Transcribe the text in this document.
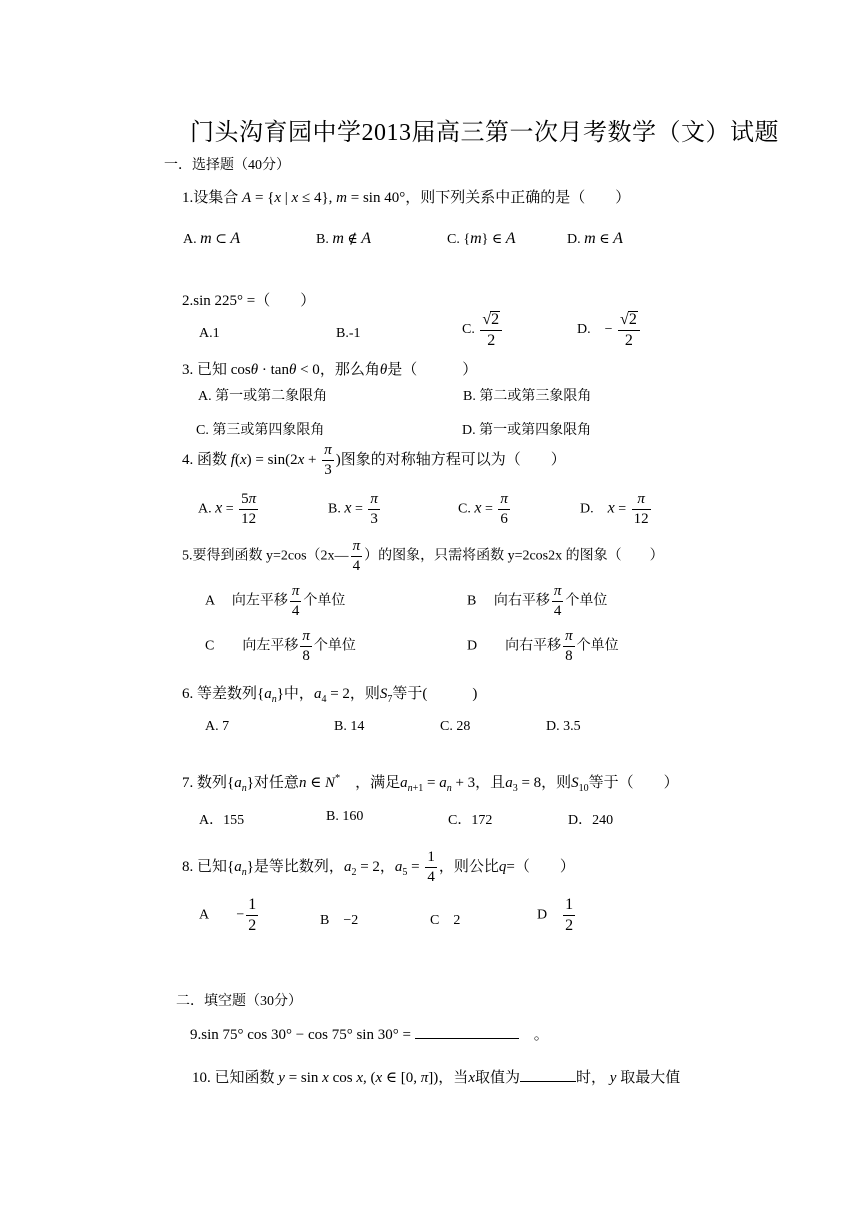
门头沟育园中学2013届高三第一次月考数学（文）试题
一．选择题（40分）
1.设集合 A = {x | x ≤ 4}, m = sin 40°，则下列关系中正确的是（　　）
A. m ⊂ A	B. m ∉ A	C. {m} ∈ A	D. m ∈ A
2.sin 225° =（　　）
A.1	B.-1	C. $\frac{√2}{2}$	D.　− $\frac{√2}{2}$
3. 已知 cosθ · tanθ < 0，那么角θ是（　　　）
A. 第一或第二象限角	B. 第二或第三象限角
C. 第三或第四象限角	D. 第一或第四象限角
4. 函数 $f(x) = \sin(2x + \frac{\pi}{3}$ )图象的对称轴方程可以为（　　）
A. $x = \frac{5\pi}{12}$	B. $x = \frac{\pi}{3}$	C. $x = \frac{\pi}{6}$	D.　 $x = \frac{\pi}{12}$
5.要得到函数 y=2cos（2x— $\frac{\pi}{4}$ ）的图象，只需将函数 y=2cos2x 的图象（　　）
A　 向左平移 $\frac{\pi}{4}$ 个单位	B　 向右平移 $\frac{\pi}{4}$ 个单位
C　　 向左平移 $\frac{\pi}{8}$ 个单位	D　　 向右平移 $\frac{\pi}{8}$ 个单位
6. 等差数列$\{a_n\}$中，$a_4 = 2$，则$S_7$等于(　　　)
A. 7	B. 14	C. 28	D. 3.5
7. 数列$\{a_n\}$对任意n ∈ N*　 ，满足$a_{n+1} = a_n + 3$，且$a_3 = 8$，则$S_{10}$等于（　　）
A．155	B. 160	C．172	D．240
8. 已知$\{a_n\}$是等比数列，$a_2 = 2$，$a_5 = \frac{1}{4}$ ，则公比q=（　　）
A　　− $\frac{1}{2}$	B　−2	C　 2	D　 $\frac{1}{2}$
二．填空题（30分）
9.sin 75° cos 30° − cos 75° sin 30° = 　	。
10. 已知函数 y = sin x cos x, (x ∈ [0, π])，当x取值为	时， y 取最大值
